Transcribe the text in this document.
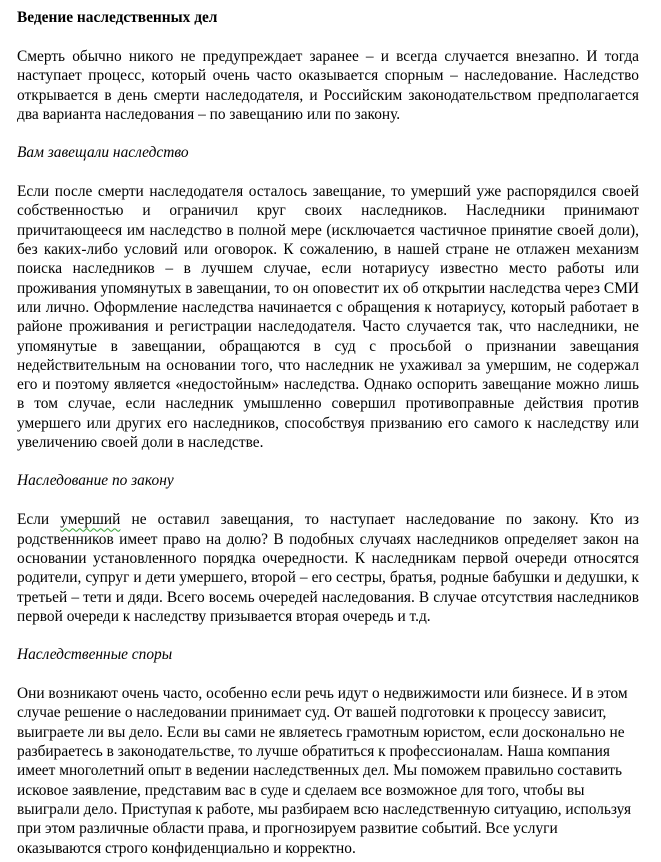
Ведение наследственных дел

Смерть обычно никого не предупреждает заранее – и всегда случается внезапно. И тогда наступает процесс, который очень часто оказывается спорным – наследование. Наследство открывается в день смерти наследодателя, и Российским законодательством предполагается два варианта наследования – по завещанию или по закону.

Вам завещали наследство

Если после смерти наследодателя осталось завещание, то умерший уже распорядился своей собственностью и ограничил круг своих наследников. Наследники принимают причитающееся им наследство в полной мере (исключается частичное принятие своей доли), без каких-либо условий или оговорок. К сожалению, в нашей стране не отлажен механизм поиска наследников – в лучшем случае, если нотариусу известно место работы или проживания упомянутых в завещании, то он оповестит их об открытии наследства через СМИ или лично. Оформление наследства начинается с обращения к нотариусу, который работает в районе проживания и регистрации наследодателя. Часто случается так, что наследники, не упомянутые в завещании, обращаются в суд с просьбой о признании завещания недействительным на основании того, что наследник не ухаживал за умершим, не содержал его и поэтому является «недостойным» наследства. Однако оспорить завещание можно лишь в том случае, если наследник умышленно совершил противоправные действия против умершего или других его наследников, способствуя призванию его самого к наследству или увеличению своей доли в наследстве.

Наследование по закону

Если умерший не оставил завещания, то наступает наследование по закону. Кто из родственников имеет право на долю? В подобных случаях наследников определяет закон на основании установленного порядка очередности. К наследникам первой очереди относятся родители, супруг и дети умершего, второй – его сестры, братья, родные бабушки и дедушки, к третьей – тети и дяди. Всего восемь очередей наследования. В случае отсутствия наследников первой очереди к наследству призывается вторая очередь и т.д.

Наследственные споры

Они возникают очень часто, особенно если речь идут о недвижимости или бизнесе. И в этом случае решение о наследовании принимает суд. От вашей подготовки к процессу зависит, выиграете ли вы дело. Если вы сами не являетесь грамотным юристом, если досконально не разбираетесь в законодательстве, то лучше обратиться к профессионалам. Наша компания имеет многолетний опыт в ведении наследственных дел. Мы поможем правильно составить исковое заявление, представим вас в суде и сделаем все возможное для того, чтобы вы выиграли дело. Приступая к работе, мы разбираем всю наследственную ситуацию, используя при этом различные области права, и прогнозируем развитие событий. Все услуги оказываются строго конфиденциально и корректно.
